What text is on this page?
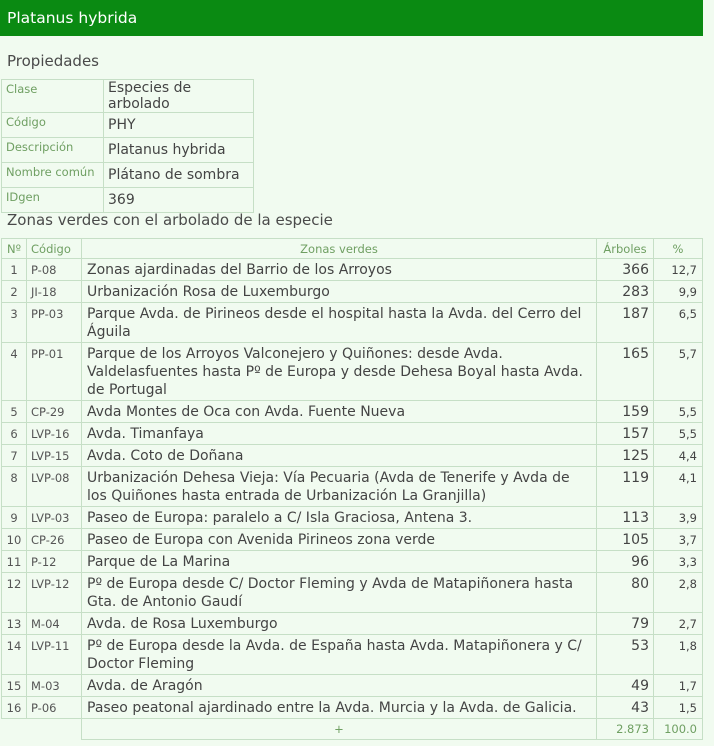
Platanus hybrida
Propiedades
Clase	Especies de arbolado
Código	PHY
Descripción	Platanus hybrida
Nombre común	Plátano de sombra
IDgen	369
Zonas verdes con el arbolado de la especie
Nº	Código	Zonas verdes	Árboles	%
1	P-08	Zonas ajardinadas del Barrio de los Arroyos	366	12,7
2	JI-18	Urbanización Rosa de Luxemburgo	283	9,9
3	PP-03	Parque Avda. de Pirineos desde el hospital hasta la Avda. del Cerro del Águila	187	6,5
4	PP-01	Parque de los Arroyos Valconejero y Quiñones: desde Avda. Valdelasfuentes hasta Pº de Europa y desde Dehesa Boyal hasta Avda. de Portugal	165	5,7
5	CP-29	Avda Montes de Oca con Avda. Fuente Nueva	159	5,5
6	LVP-16	Avda. Timanfaya	157	5,5
7	LVP-15	Avda. Coto de Doñana	125	4,4
8	LVP-08	Urbanización Dehesa Vieja: Vía Pecuaria (Avda de Tenerife y Avda de los Quiñones hasta entrada de Urbanización La Granjilla)	119	4,1
9	LVP-03	Paseo de Europa: paralelo a C/ Isla Graciosa, Antena 3.	113	3,9
10	CP-26	Paseo de Europa con Avenida Pirineos zona verde	105	3,7
11	P-12	Parque de La Marina	96	3,3
12	LVP-12	Pº de Europa desde C/ Doctor Fleming y Avda de Matapiñonera hasta Gta. de Antonio Gaudí	80	2,8
13	M-04	Avda. de Rosa Luxemburgo	79	2,7
14	LVP-11	Pº de Europa desde la Avda. de España hasta Avda. Matapiñonera y C/ Doctor Fleming	53	1,8
15	M-03	Avda. de Aragón	49	1,7
16	P-06	Paseo peatonal ajardinado entre la Avda. Murcia y la Avda. de Galicia.	43	1,5
		+	2.873	100.0
